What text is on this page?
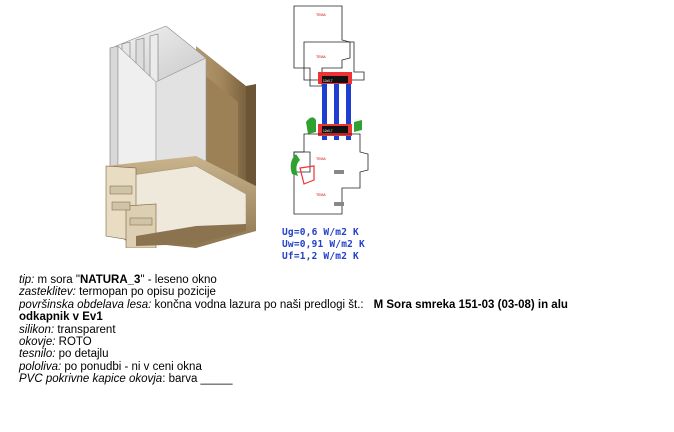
TEMA
TEMA
12x0,7
12x0,7
TEMA
TEMA
Ug=0,6 W/m2 K
Uw=0,91 W/m2 K
Uf=1,2 W/m2 K
tip: m sora "NATURA_3" - leseno okno
zasteklitev: termopan po opisu pozicije
površinska obdelava lesa: končna vodna lazura po naši predlogi št.: M Sora smreka 151-03 (03-08) in alu
odkapnik v Ev1
silikon: transparent
okovje: ROTO
tesnilo: po detajlu
pololiva: po ponudbi - ni v ceni okna
PVC pokrivne kapice okovja: barva _____
